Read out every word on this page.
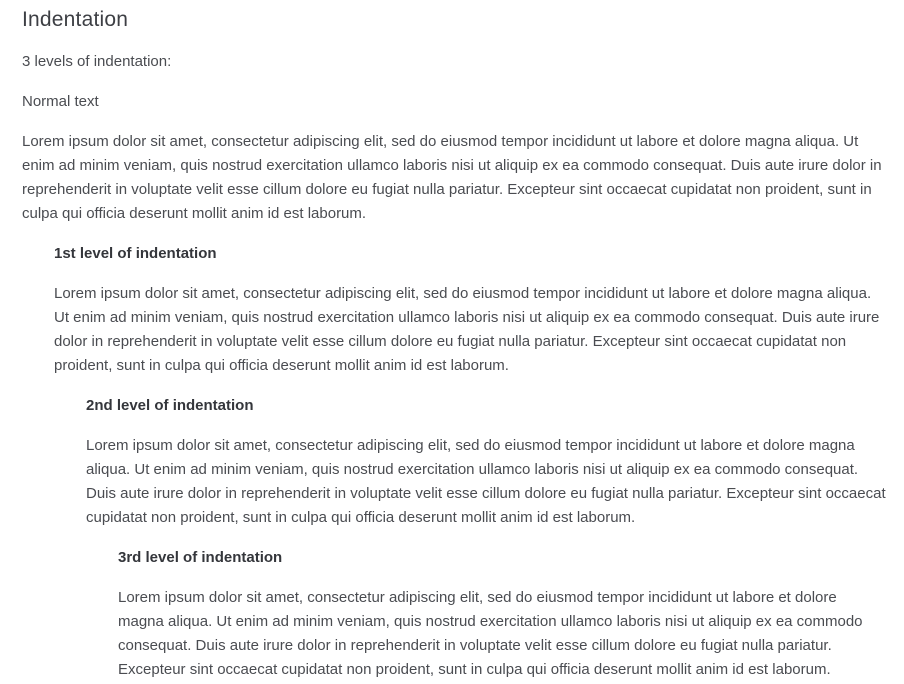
Indentation

3 levels of indentation:

Normal text

Lorem ipsum dolor sit amet, consectetur adipiscing elit, sed do eiusmod tempor incididunt ut labore et dolore magna aliqua. Ut enim ad minim veniam, quis nostrud exercitation ullamco laboris nisi ut aliquip ex ea commodo consequat. Duis aute irure dolor in reprehenderit in voluptate velit esse cillum dolore eu fugiat nulla pariatur. Excepteur sint occaecat cupidatat non proident, sunt in culpa qui officia deserunt mollit anim id est laborum.

1st level of indentation

Lorem ipsum dolor sit amet, consectetur adipiscing elit, sed do eiusmod tempor incididunt ut labore et dolore magna aliqua. Ut enim ad minim veniam, quis nostrud exercitation ullamco laboris nisi ut aliquip ex ea commodo consequat. Duis aute irure dolor in reprehenderit in voluptate velit esse cillum dolore eu fugiat nulla pariatur. Excepteur sint occaecat cupidatat non proident, sunt in culpa qui officia deserunt mollit anim id est laborum.

2nd level of indentation

Lorem ipsum dolor sit amet, consectetur adipiscing elit, sed do eiusmod tempor incididunt ut labore et dolore magna aliqua. Ut enim ad minim veniam, quis nostrud exercitation ullamco laboris nisi ut aliquip ex ea commodo consequat. Duis aute irure dolor in reprehenderit in voluptate velit esse cillum dolore eu fugiat nulla pariatur. Excepteur sint occaecat cupidatat non proident, sunt in culpa qui officia deserunt mollit anim id est laborum.

3rd level of indentation

Lorem ipsum dolor sit amet, consectetur adipiscing elit, sed do eiusmod tempor incididunt ut labore et dolore magna aliqua. Ut enim ad minim veniam, quis nostrud exercitation ullamco laboris nisi ut aliquip ex ea commodo consequat. Duis aute irure dolor in reprehenderit in voluptate velit esse cillum dolore eu fugiat nulla pariatur. Excepteur sint occaecat cupidatat non proident, sunt in culpa qui officia deserunt mollit anim id est laborum.
